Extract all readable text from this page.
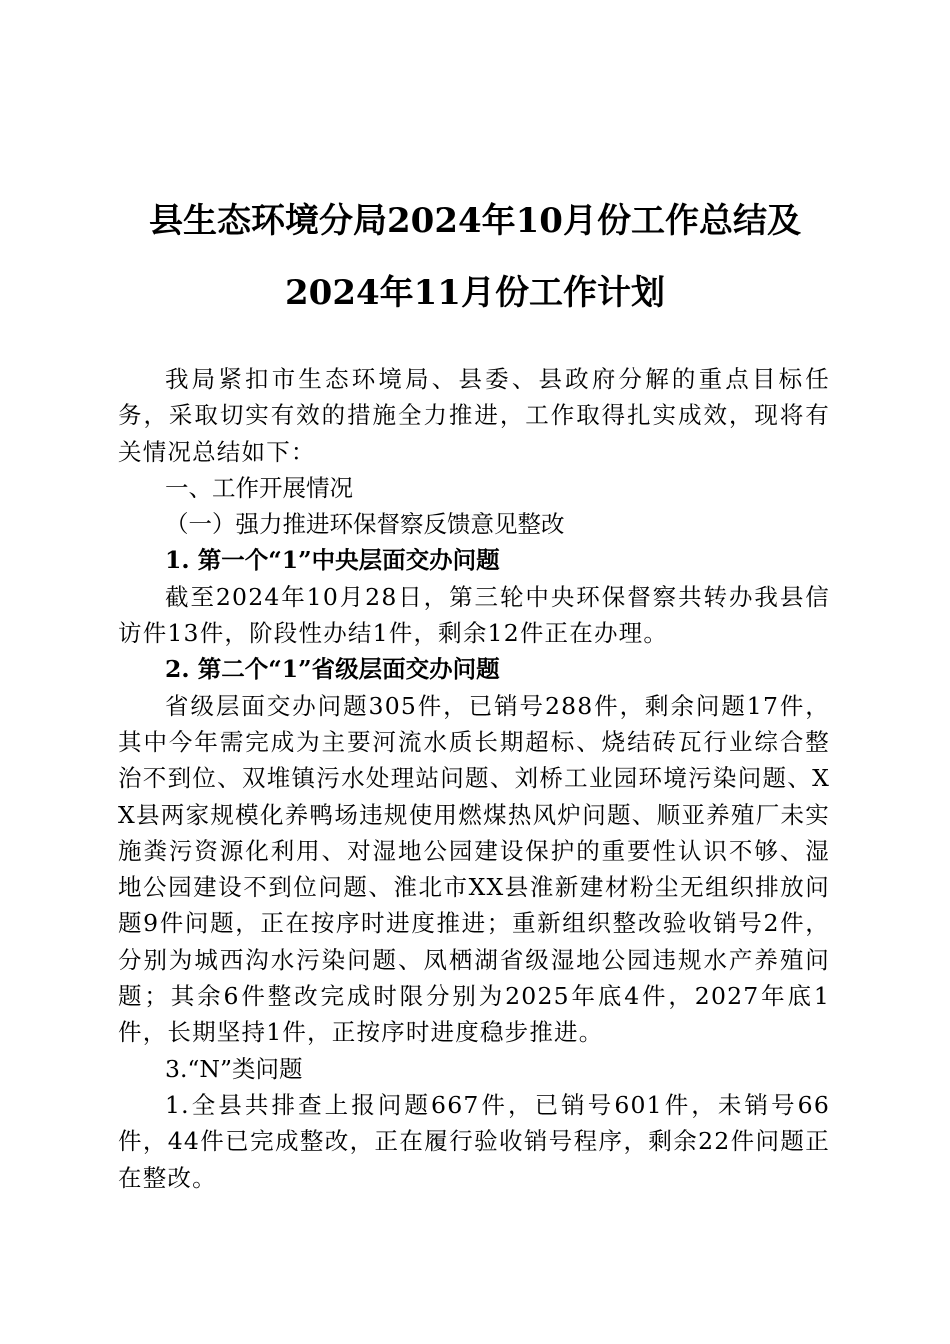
县生态环境分局2024年10月份工作总结及
2024年11月份工作计划

我局紧扣市生态环境局、县委、县政府分解的重点目标任务，采取切实有效的措施全力推进，工作取得扎实成效，现将有关情况总结如下：

一、工作开展情况

（一）强力推进环保督察反馈意见整改

1. 第一个“1”中央层面交办问题

截至2024年10月28日，第三轮中央环保督察共转办我县信访件13件，阶段性办结1件，剩余12件正在办理。

2. 第二个“1”省级层面交办问题

省级层面交办问题305件，已销号288件，剩余问题17件，其中今年需完成为主要河流水质长期超标、烧结砖瓦行业综合整治不到位、双堆镇污水处理站问题、刘桥工业园环境污染问题、XX县两家规模化养鸭场违规使用燃煤热风炉问题、顺亚养殖厂未实施粪污资源化利用、对湿地公园建设保护的重要性认识不够、湿地公园建设不到位问题、淮北市XX县淮新建材粉尘无组织排放问题9件问题，正在按序时进度推进；重新组织整改验收销号2件，分别为城西沟水污染问题、凤栖湖省级湿地公园违规水产养殖问题；其余6件整改完成时限分别为2025年底4件，2027年底1件，长期坚持1件，正按序时进度稳步推进。

3.“N”类问题

1.全县共排查上报问题667件，已销号601件，未销号66件，44件已完成整改，正在履行验收销号程序，剩余22件问题正在整改。
